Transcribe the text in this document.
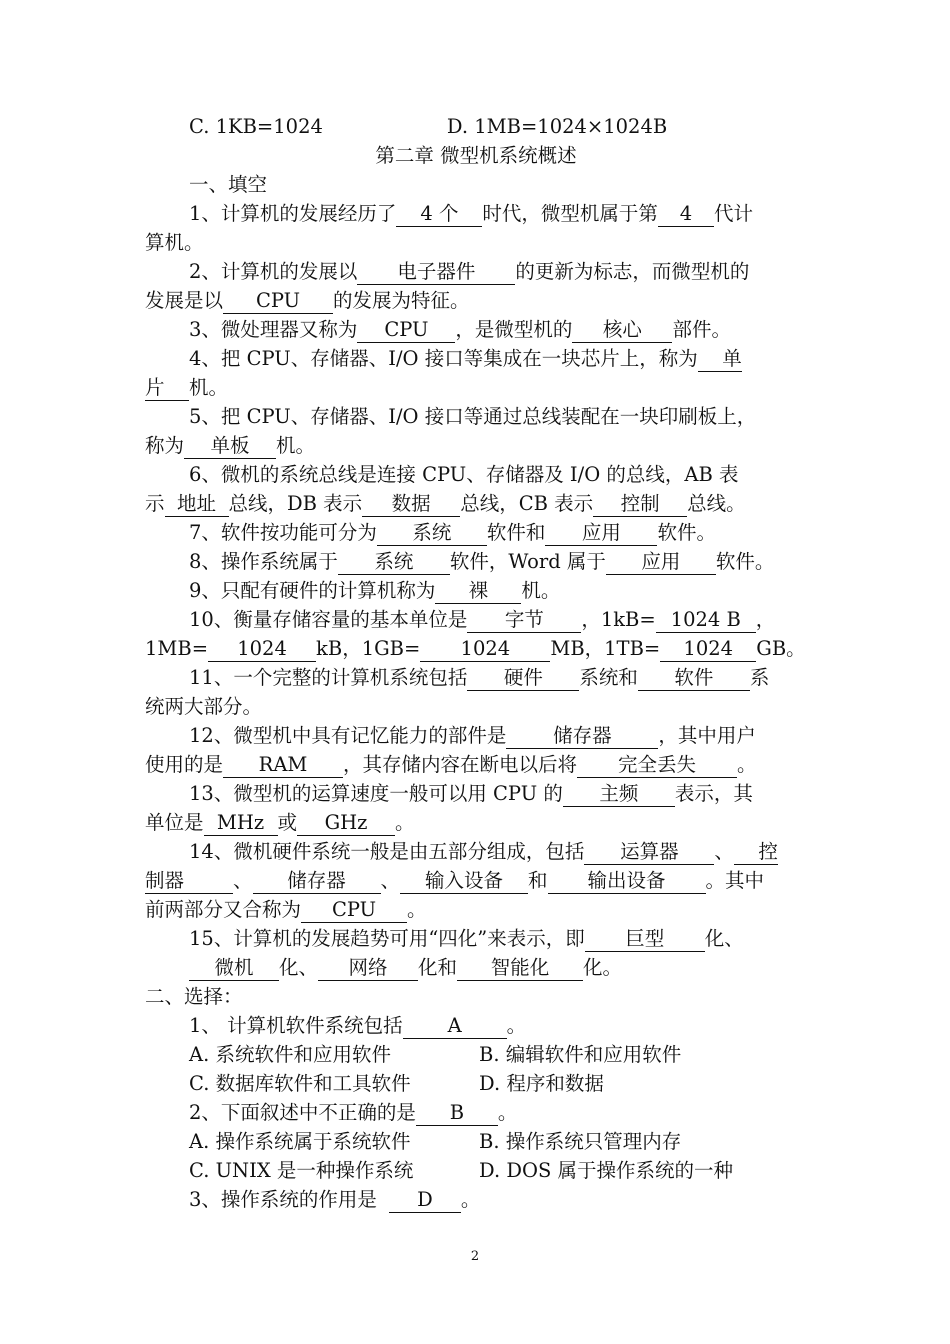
C. 1KB=1024	D. 1MB=1024×1024B
第二章 微型机系统概述
一、填空
1、计算机的发展经历了 4 个 时代，微型机属于第 4 代计
算机。
2、计算机的发展以 电子器件 的更新为标志，而微型机的
发展是以 CPU 的发展为特征。
3、微处理器又称为 CPU ，是微型机的 核心 部件。
4、把 CPU、存储器、I/O 接口等集成在一块芯片上，称为 单
片 机。
5、把 CPU、存储器、I/O 接口等通过总线装配在一块印刷板上，
称为 单板 机。
6、微机的系统总线是连接 CPU、存储器及 I/O 的总线，AB 表
示 地址 总线，DB 表示 数据 总线，CB 表示 控制 总线。
7、软件按功能可分为 系统 软件和 应用 软件。
8、操作系统属于 系统 软件，Word 属于 应用 软件。
9、只配有硬件的计算机称为 裸 机。
10、衡量存储容量的基本单位是 字节 ，1kB= 1024 B ，
1MB= 1024 kB，1GB= 1024 MB，1TB= 1024 GB。
11、一个完整的计算机系统包括 硬件 系统和 软件 系
统两大部分。
12、微型机中具有记忆能力的部件是 储存器 ，其中用户
使用的是 RAM ，其存储内容在断电以后将 完全丢失 。
13、微型机的运算速度一般可以用 CPU 的 主频 表示，其
单位是 MHz 或 GHz 。
14、微机硬件系统一般是由五部分组成，包括 运算器 、 控
制器	、 储存器 、 输入设备 和 输出设备 。其中
前两部分又合称为 CPU 。
15、计算机的发展趋势可用“四化”来表示，即 巨型 化、
微机 化、 网络 化和 智能化 化。
二、选择：
1、 计算机软件系统包括 A 。
A. 系统软件和应用软件	B. 编辑软件和应用软件
C. 数据库软件和工具软件	D. 程序和数据
2、下面叙述中不正确的是 B 。
A. 操作系统属于系统软件	B. 操作系统只管理内存
C. UNIX 是一种操作系统	D. DOS 属于操作系统的一种
3、操作系统的作用是 D 。
2
